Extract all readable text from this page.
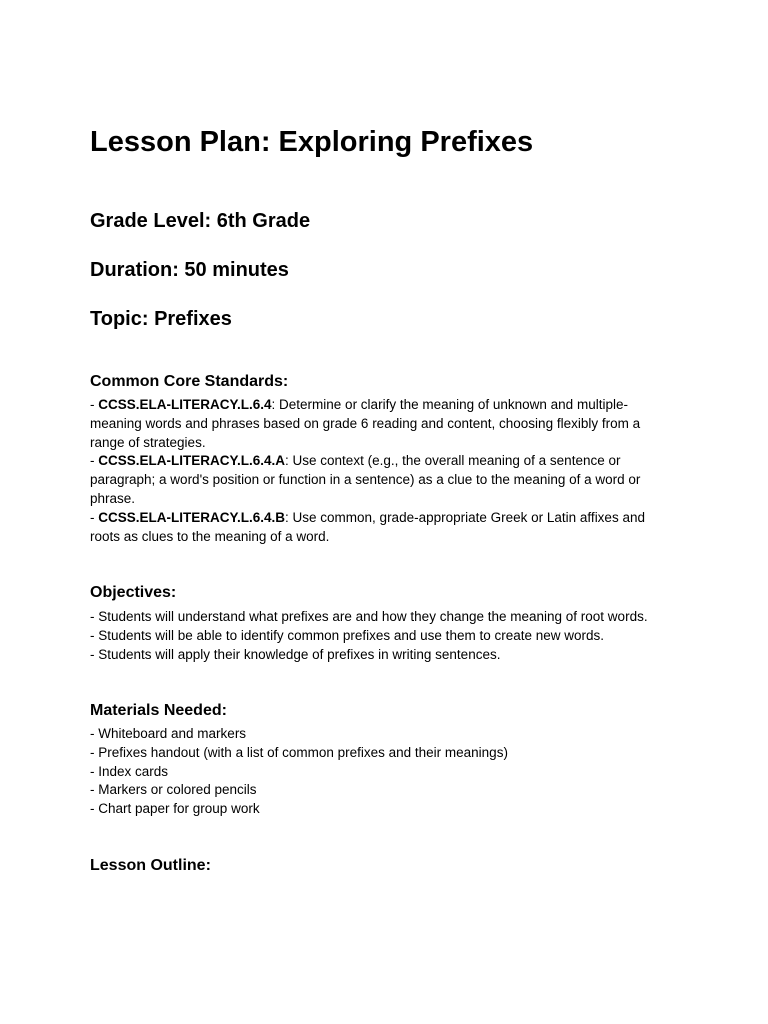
Lesson Plan: Exploring Prefixes
Grade Level: 6th Grade
Duration: 50 minutes
Topic: Prefixes
Common Core Standards:
- CCSS.ELA-LITERACY.L.6.4: Determine or clarify the meaning of unknown and multiple-meaning words and phrases based on grade 6 reading and content, choosing flexibly from a range of strategies.
- CCSS.ELA-LITERACY.L.6.4.A: Use context (e.g., the overall meaning of a sentence or paragraph; a word's position or function in a sentence) as a clue to the meaning of a word or phrase.
- CCSS.ELA-LITERACY.L.6.4.B: Use common, grade-appropriate Greek or Latin affixes and roots as clues to the meaning of a word.
Objectives:
- Students will understand what prefixes are and how they change the meaning of root words.
- Students will be able to identify common prefixes and use them to create new words.
- Students will apply their knowledge of prefixes in writing sentences.
Materials Needed:
- Whiteboard and markers
- Prefixes handout (with a list of common prefixes and their meanings)
- Index cards
- Markers or colored pencils
- Chart paper for group work
Lesson Outline:
